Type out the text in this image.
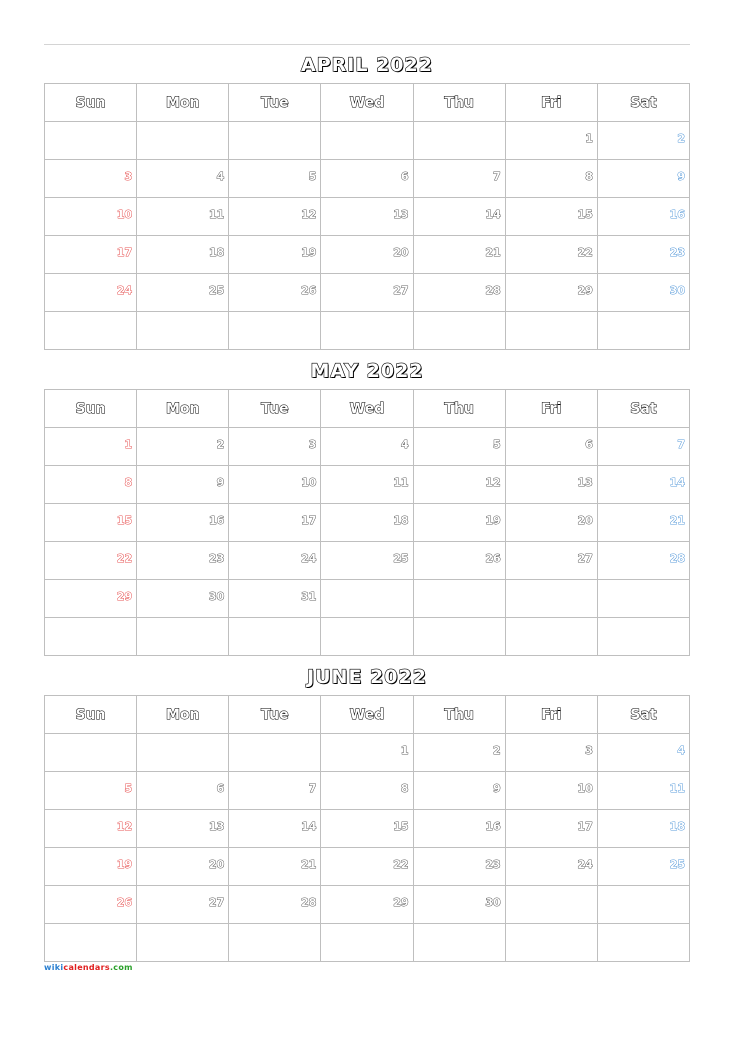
APRIL 2022
Sun	Mon	Tue	Wed	Thu	Fri	Sat
					1	2
3	4	5	6	7	8	9
10	11	12	13	14	15	16
17	18	19	20	21	22	23
24	25	26	27	28	29	30

MAY 2022
Sun	Mon	Tue	Wed	Thu	Fri	Sat
1	2	3	4	5	6	7
8	9	10	11	12	13	14
15	16	17	18	19	20	21
22	23	24	25	26	27	28
29	30	31				

JUNE 2022
Sun	Mon	Tue	Wed	Thu	Fri	Sat
			1	2	3	4
5	6	7	8	9	10	11
12	13	14	15	16	17	18
19	20	21	22	23	24	25
26	27	28	29	30		

wikicalendars.com
